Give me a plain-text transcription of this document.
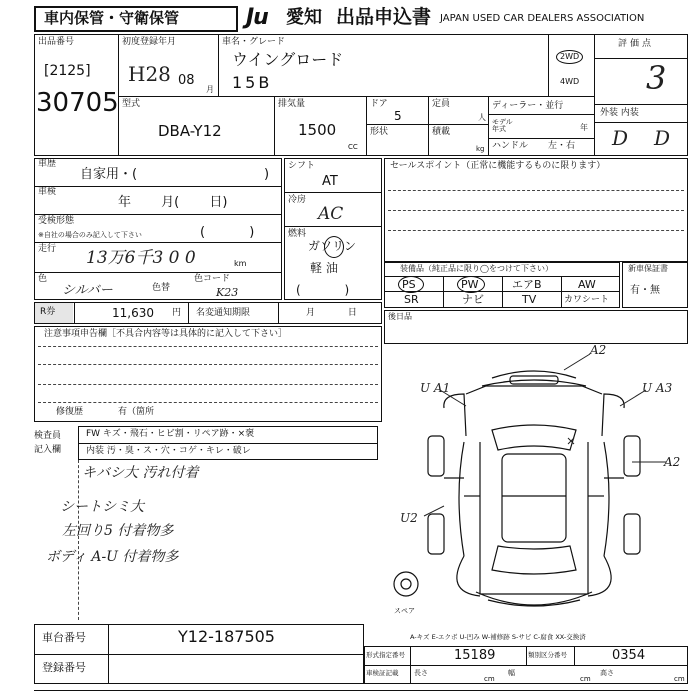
車内保管・守衛保管	Ju 愛知 出品申込書 JAPAN USED CAR DEALERS ASSOCIATION
出品番号
[2125]
30705
初度登録年月
H28 08
月
車名・グレード
ウイングロード
15B
2WD
4WD
評価点
3
外装 内装
D D
型式
DBA-Y12
排気量
1500
CC
ドア
5
形状
定員
人
積載
kg
ディーラー・並行
モデル年式	年
ハンドル 左・右
車歴
自家用・(	)
車検
年 月( 日)
受検形態
※自社の場合のみ記入して下さい	( )
走行 13万6千3 0 0	km
色
シルバー	色替
色コード
K23
シフト
AT
冷房
AC
燃料
ガソリン
軽 油
( )
R券	11,630 円 名変通知期限	月 日
セールスポイント（正常に機能するものに限ります）
装備品（純正品に限り◯をつけて下さい）
PS	PW	エアB	AW
SR	ナビ	TV	カワシート
新車保証書
有・無
後日品
注意事項申告欄［不具合内容等は具体的に記入して下さい］
修復歴	有（箇所
検査員
記入欄
FW キズ・飛石・ヒビ割・リペア跡・×褒
内装 汚・臭・ス・穴・コゲ・キレ・破レ
キバシ大 汚れ付着
シートシミ大
左回り5 付着物多
ボディ A-U 付着物多
A2
U A1	U A3
A2
U2
スペア
A-キズ E-エクボ U-凹み W-補修跡 S-サビ C-腐食 XX-交換済
車台番号	Y12-187505
登録番号
形式指定番号	15189	類別区分番号	0354
車検証記載 長さ
cm
幅
cm
高さ
cm
